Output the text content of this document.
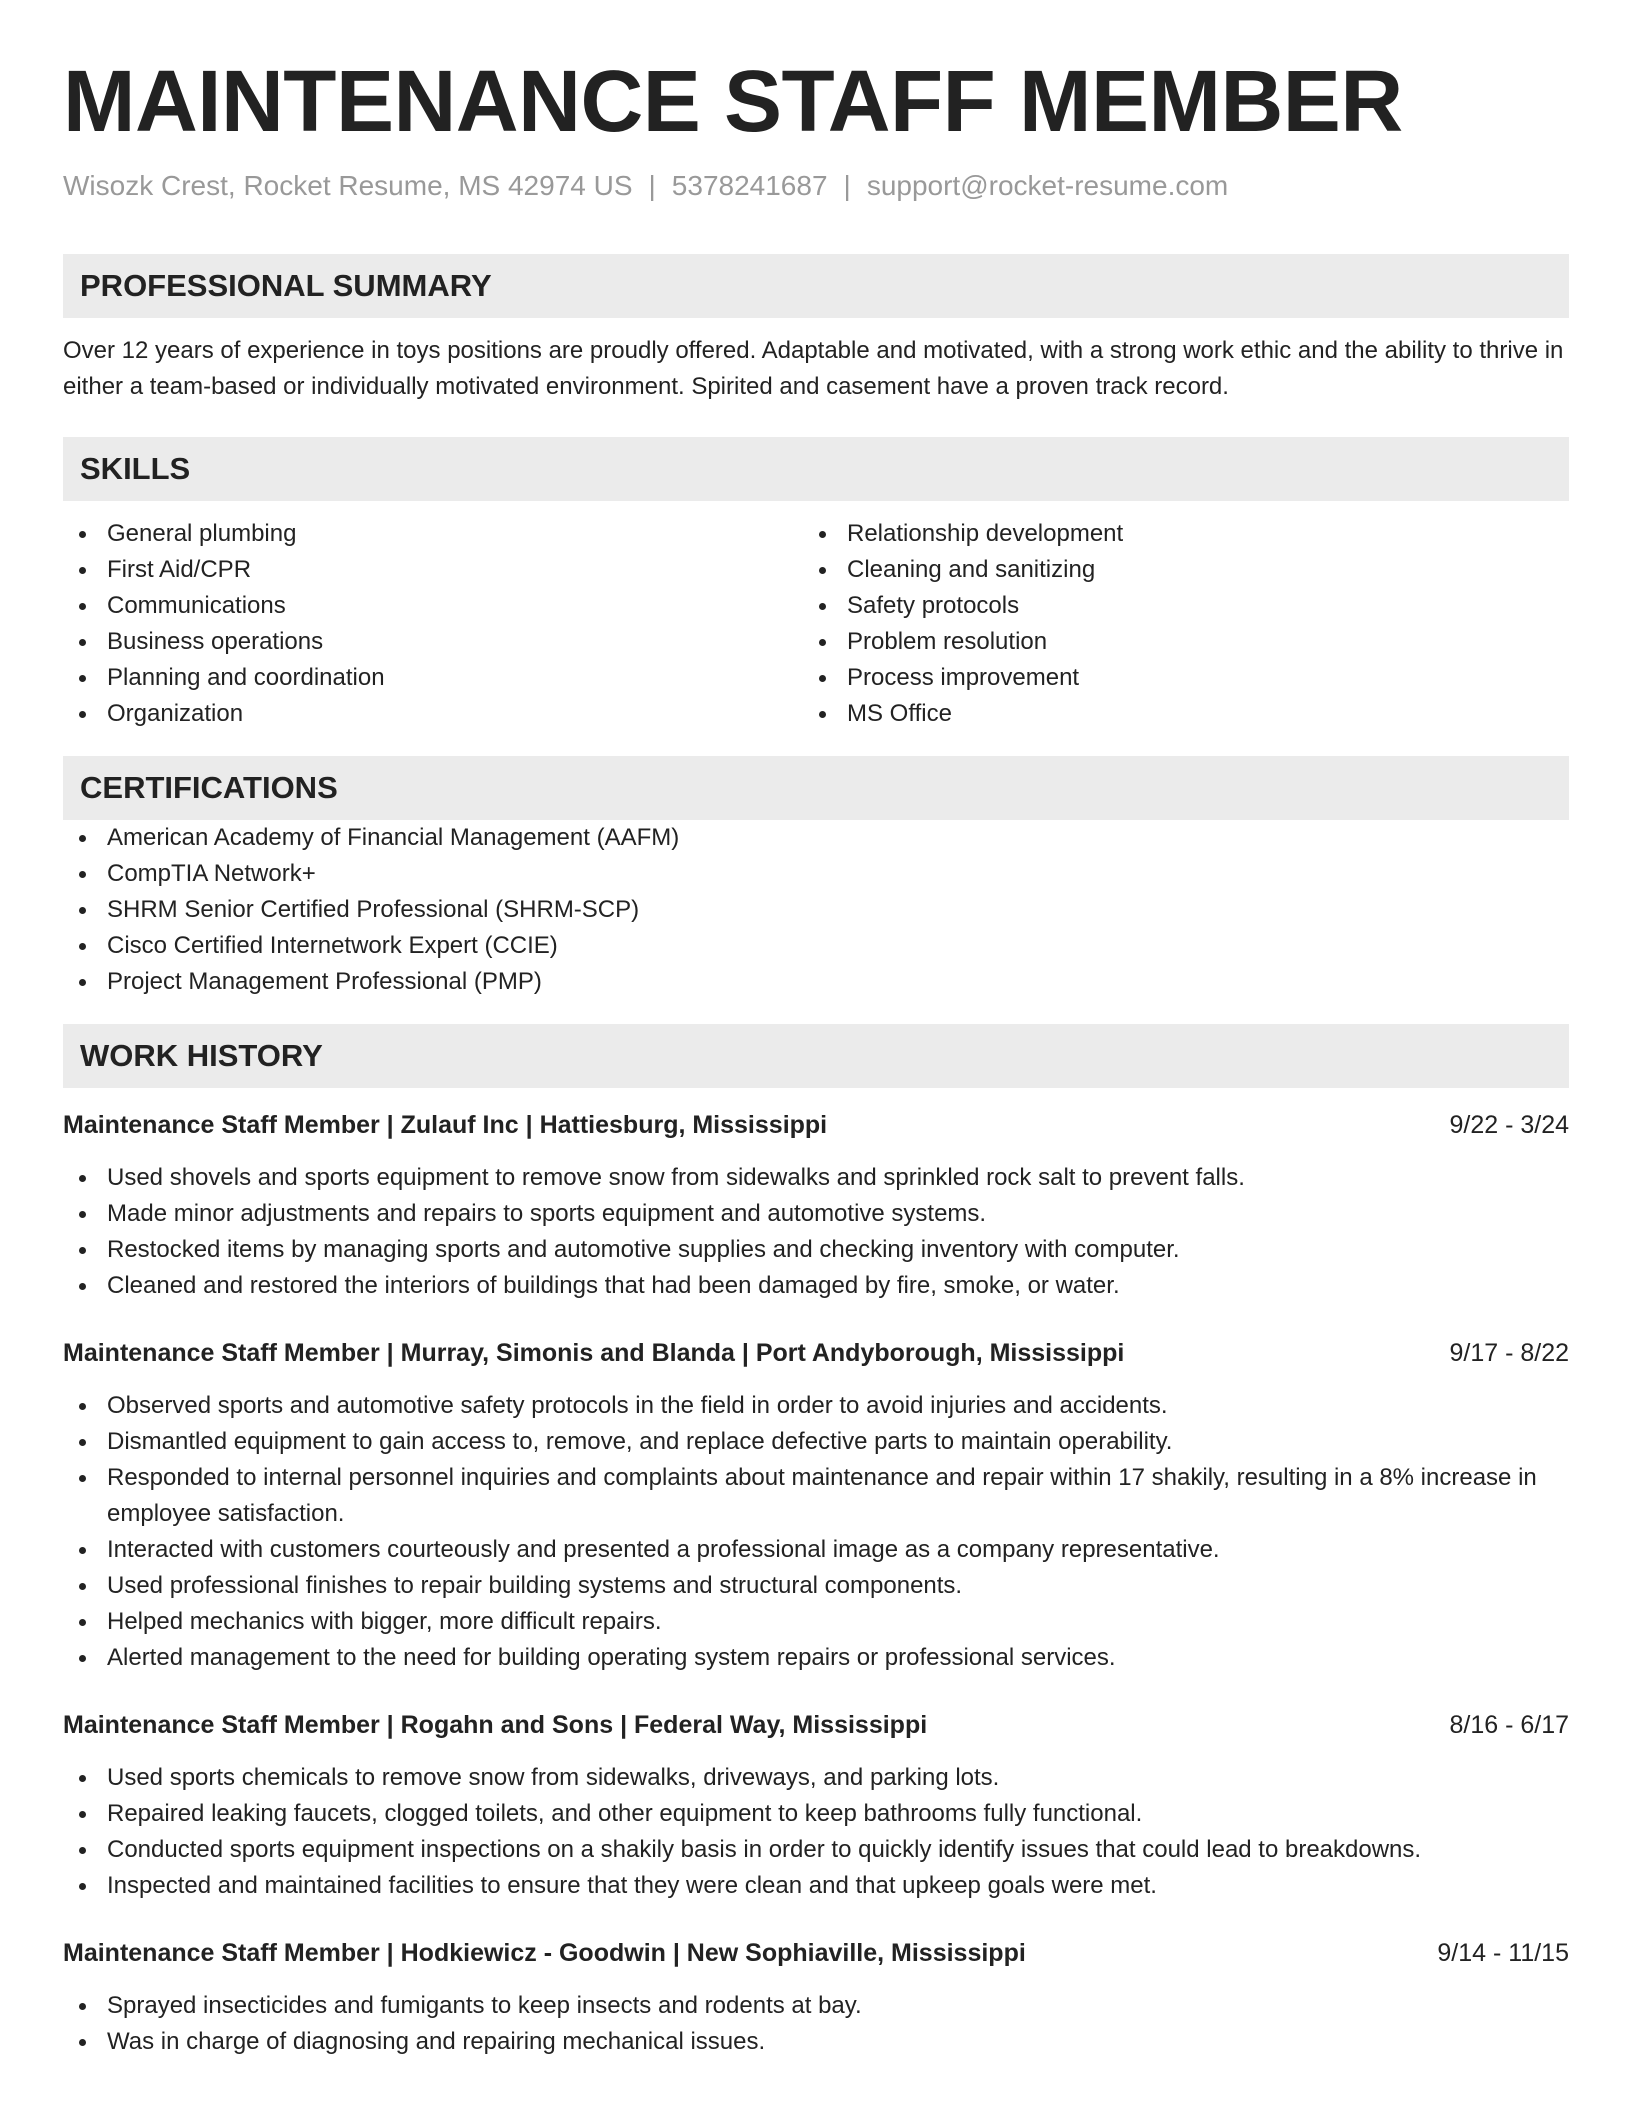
MAINTENANCE STAFF MEMBER
Wisozk Crest, Rocket Resume, MS 42974 US | 5378241687 | support@rocket-resume.com
PROFESSIONAL SUMMARY

Over 12 years of experience in toys positions are proudly offered. Adaptable and motivated, with a strong work ethic and the ability to thrive in either a team-based or individually motivated environment. Spirited and casement have a proven track record.

SKILLS
General plumbing
First Aid/CPR
Communications
Business operations
Planning and coordination
Organization
Relationship development
Cleaning and sanitizing
Safety protocols
Problem resolution
Process improvement
MS Office
CERTIFICATIONS
American Academy of Financial Management (AAFM)
CompTIA Network+
SHRM Senior Certified Professional (SHRM-SCP)
Cisco Certified Internetwork Expert (CCIE)
Project Management Professional (PMP)
WORK HISTORY
Maintenance Staff Member | Zulauf Inc | Hattiesburg, Mississippi	9/22 - 3/24
Used shovels and sports equipment to remove snow from sidewalks and sprinkled rock salt to prevent falls.
Made minor adjustments and repairs to sports equipment and automotive systems.
Restocked items by managing sports and automotive supplies and checking inventory with computer.
Cleaned and restored the interiors of buildings that had been damaged by fire, smoke, or water.
Maintenance Staff Member | Murray, Simonis and Blanda | Port Andyborough, Mississippi	9/17 - 8/22
Observed sports and automotive safety protocols in the field in order to avoid injuries and accidents.
Dismantled equipment to gain access to, remove, and replace defective parts to maintain operability.
Responded to internal personnel inquiries and complaints about maintenance and repair within 17 shakily, resulting in a 8% increase in employee satisfaction.
Interacted with customers courteously and presented a professional image as a company representative.
Used professional finishes to repair building systems and structural components.
Helped mechanics with bigger, more difficult repairs.
Alerted management to the need for building operating system repairs or professional services.
Maintenance Staff Member | Rogahn and Sons | Federal Way, Mississippi	8/16 - 6/17
Used sports chemicals to remove snow from sidewalks, driveways, and parking lots.
Repaired leaking faucets, clogged toilets, and other equipment to keep bathrooms fully functional.
Conducted sports equipment inspections on a shakily basis in order to quickly identify issues that could lead to breakdowns.
Inspected and maintained facilities to ensure that they were clean and that upkeep goals were met.
Maintenance Staff Member | Hodkiewicz - Goodwin | New Sophiaville, Mississippi	9/14 - 11/15
Sprayed insecticides and fumigants to keep insects and rodents at bay.
Was in charge of diagnosing and repairing mechanical issues.
